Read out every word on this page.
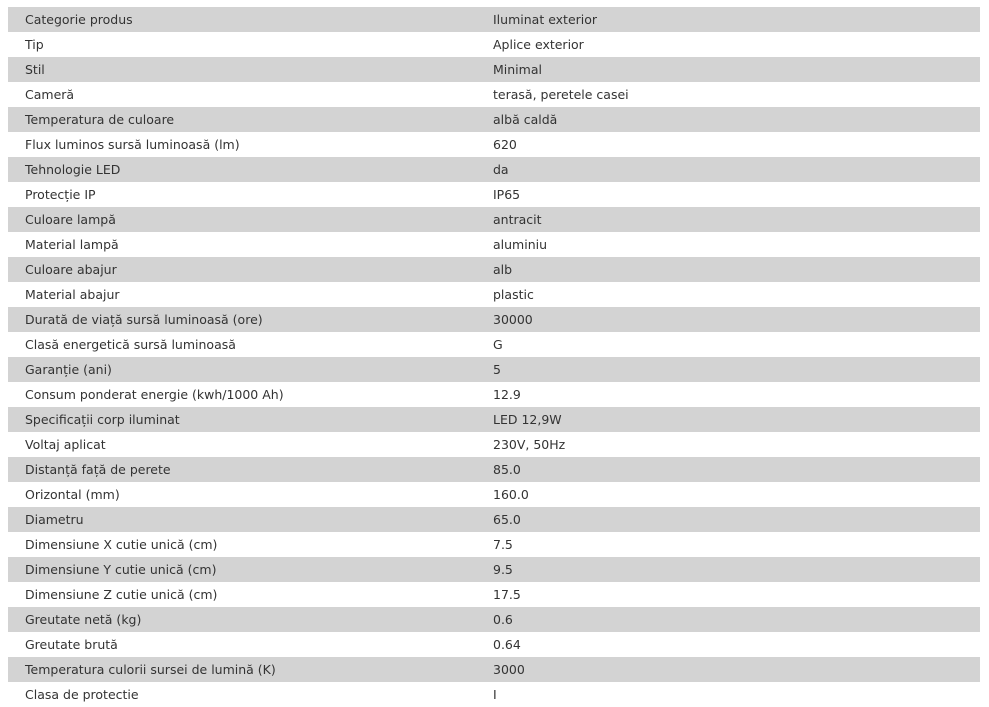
Categorie produs	Iluminat exterior
Tip	Aplice exterior
Stil	Minimal
Cameră	terasă, peretele casei
Temperatura de culoare	albă caldă
Flux luminos sursă luminoasă (lm)	620
Tehnologie LED	da
Protecție IP	IP65
Culoare lampă	antracit
Material lampă	aluminiu
Culoare abajur	alb
Material abajur	plastic
Durată de viață sursă luminoasă (ore)	30000
Clasă energetică sursă luminoasă	G
Garanție (ani)	5
Consum ponderat energie (kwh/1000 Ah)	12.9
Specificații corp iluminat	LED 12,9W
Voltaj aplicat	230V, 50Hz
Distanță față de perete	85.0
Orizontal (mm)	160.0
Diametru	65.0
Dimensiune X cutie unică (cm)	7.5
Dimensiune Y cutie unică (cm)	9.5
Dimensiune Z cutie unică (cm)	17.5
Greutate netă (kg)	0.6
Greutate brută	0.64
Temperatura culorii sursei de lumină (K)	3000
Clasa de protectie	I
